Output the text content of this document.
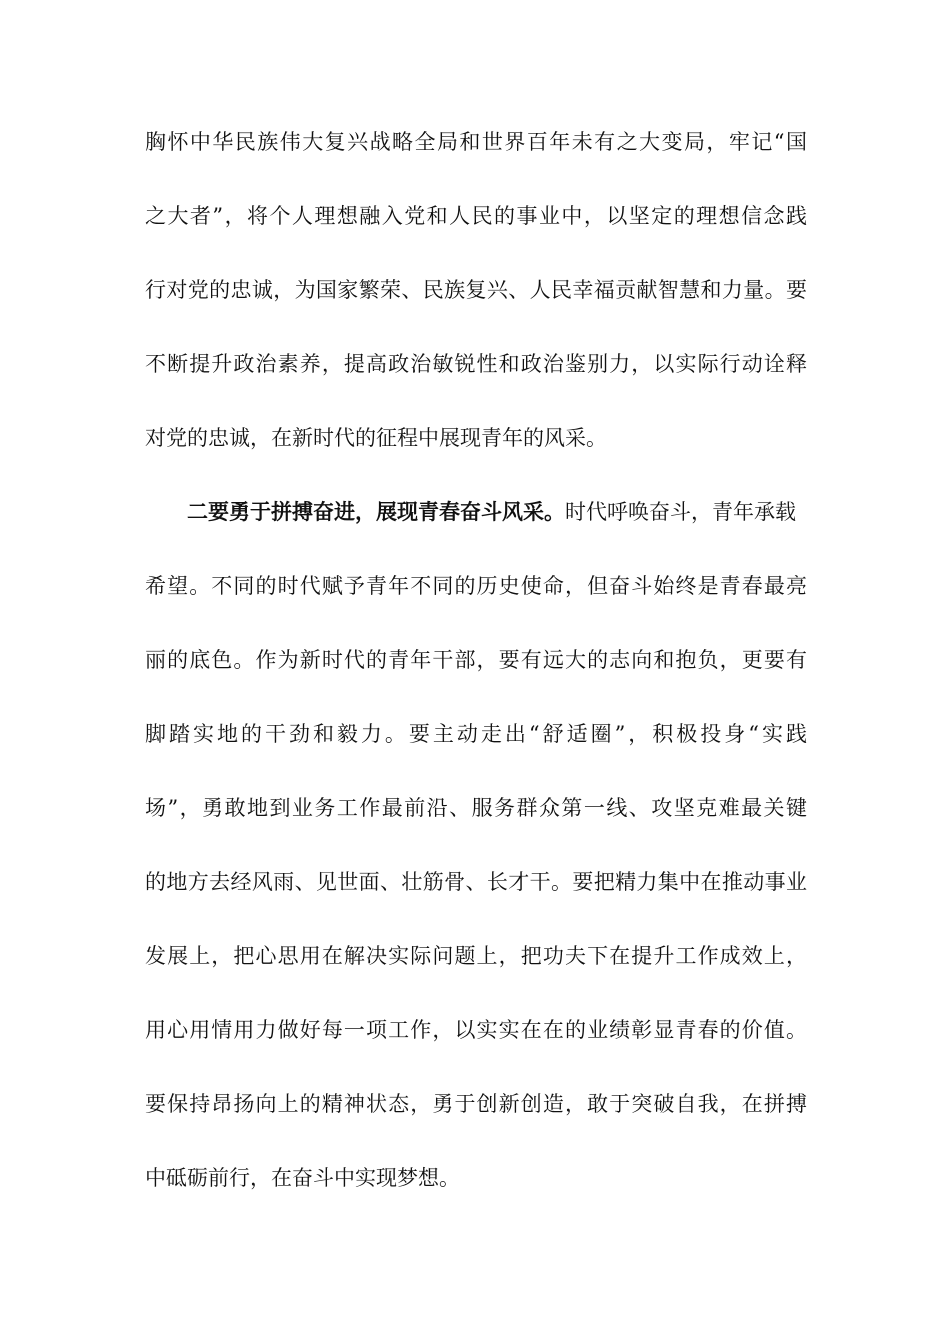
胸怀中华民族伟大复兴战略全局和世界百年未有之大变局，牢记“国
之大者”，将个人理想融入党和人民的事业中，以坚定的理想信念践
行对党的忠诚，为国家繁荣、民族复兴、人民幸福贡献智慧和力量。要
不断提升政治素养，提高政治敏锐性和政治鉴别力，以实际行动诠释
对党的忠诚，在新时代的征程中展现青年的风采。
二要勇于拼搏奋进，展现青春奋斗风采。时代呼唤奋斗，青年承载
希望。不同的时代赋予青年不同的历史使命，但奋斗始终是青春最亮
丽的底色。作为新时代的青年干部，要有远大的志向和抱负，更要有
脚踏实地的干劲和毅力。要主动走出“舒适圈”，积极投身“实践
场”，勇敢地到业务工作最前沿、服务群众第一线、攻坚克难最关键
的地方去经风雨、见世面、壮筋骨、长才干。要把精力集中在推动事业
发展上，把心思用在解决实际问题上，把功夫下在提升工作成效上，
用心用情用力做好每一项工作，以实实在在的业绩彰显青春的价值。
要保持昂扬向上的精神状态，勇于创新创造，敢于突破自我，在拼搏
中砥砺前行，在奋斗中实现梦想。
